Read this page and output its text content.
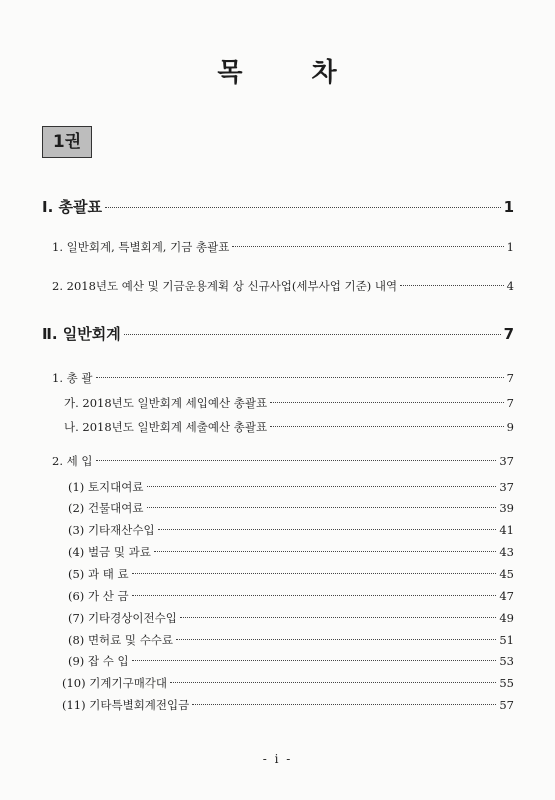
목 차
1권
Ⅰ. 총괄표	1
1. 일반회계, 특별회계, 기금 총괄표	1
2. 2018년도 예산 및 기금운용계획 상 신규사업(세부사업 기준) 내역	4
Ⅱ. 일반회계	7
1. 총 괄	7
가. 2018년도 일반회계 세입예산 총괄표	7
나. 2018년도 일반회계 세출예산 총괄표	9
2. 세 입	37
(1) 토지대여료	37
(2) 건물대여료	39
(3) 기타재산수입	41
(4) 벌금 및 과료	43
(5) 과 태 료	45
(6) 가 산 금	47
(7) 기타경상이전수입	49
(8) 면허료 및 수수료	51
(9) 잡 수 입	53
(10) 기계기구매각대	55
(11) 기타특별회계전입금	57
- i -
